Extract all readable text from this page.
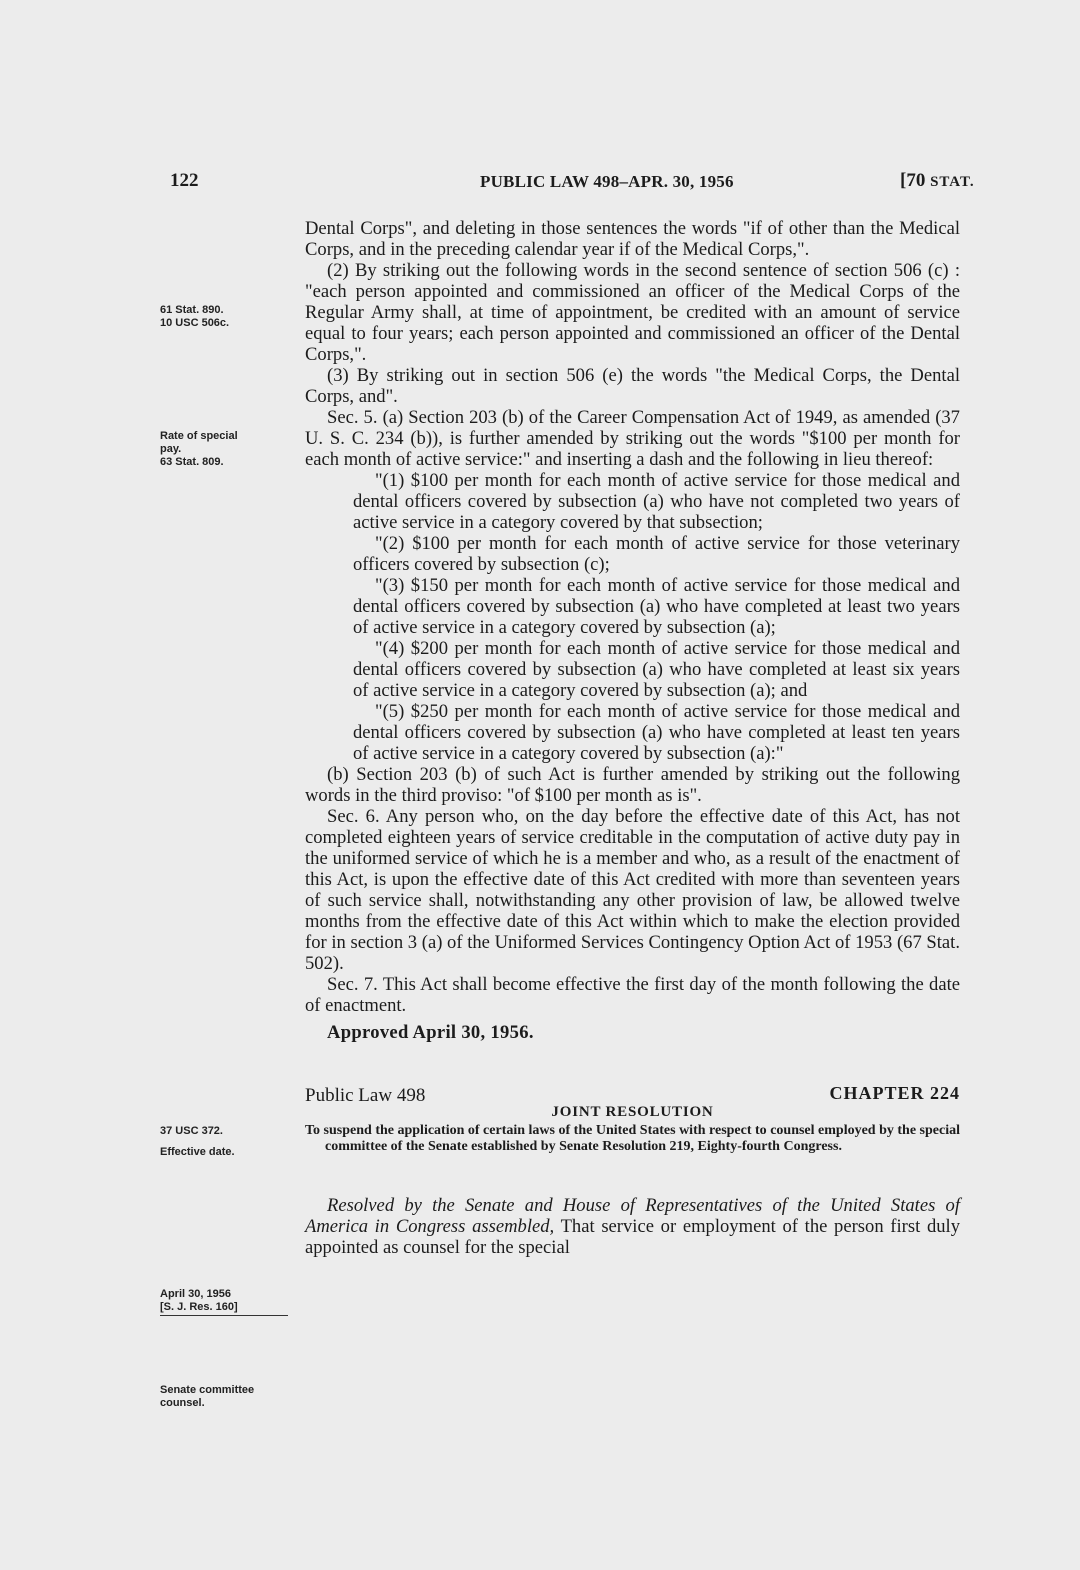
122	PUBLIC LAW 498–APR. 30, 1956	[70 STAT.
61 Stat. 890.
10 USC 506c.
Rate of special
pay.
63 Stat. 809.
37 USC 372.
Effective date.
April 30, 1956
[S. J. Res. 160]
Senate committee
counsel.

Dental Corps", and deleting in those sentences the words "if of other than the Medical Corps, and in the preceding calendar year if of the Medical Corps,".

(2) By striking out the following words in the second sentence of section 506 (c) : "each person appointed and commissioned an officer of the Medical Corps of the Regular Army shall, at time of appointment, be credited with an amount of service equal to four years; each person appointed and commissioned an officer of the Dental Corps,".

(3) By striking out in section 506 (e) the words "the Medical Corps, the Dental Corps, and".

Sec. 5. (a) Section 203 (b) of the Career Compensation Act of 1949, as amended (37 U. S. C. 234 (b)), is further amended by striking out the words "$100 per month for each month of active service:" and inserting a dash and the following in lieu thereof:

"(1) $100 per month for each month of active service for those medical and dental officers covered by subsection (a) who have not completed two years of active service in a category covered by that subsection;

"(2) $100 per month for each month of active service for those veterinary officers covered by subsection (c);

"(3) $150 per month for each month of active service for those medical and dental officers covered by subsection (a) who have completed at least two years of active service in a category covered by subsection (a);

"(4) $200 per month for each month of active service for those medical and dental officers covered by subsection (a) who have completed at least six years of active service in a category covered by subsection (a); and

"(5) $250 per month for each month of active service for those medical and dental officers covered by subsection (a) who have completed at least ten years of active service in a category covered by subsection (a):"

(b) Section 203 (b) of such Act is further amended by striking out the following words in the third proviso: "of $100 per month as is".

Sec. 6. Any person who, on the day before the effective date of this Act, has not completed eighteen years of service creditable in the computation of active duty pay in the uniformed service of which he is a member and who, as a result of the enactment of this Act, is upon the effective date of this Act credited with more than seventeen years of such service shall, notwithstanding any other provision of law, be allowed twelve months from the effective date of this Act within which to make the election provided for in section 3 (a) of the Uniformed Services Contingency Option Act of 1953 (67 Stat. 502).

Sec. 7. This Act shall become effective the first day of the month following the date of enactment.

Approved April 30, 1956.

Public Law 498	CHAPTER 224

JOINT RESOLUTION

To suspend the application of certain laws of the United States with respect to counsel employed by the special committee of the Senate established by Senate Resolution 219, Eighty-fourth Congress.

Resolved by the Senate and House of Representatives of the United States of America in Congress assembled, That service or employment of the person first duly appointed as counsel for the special
